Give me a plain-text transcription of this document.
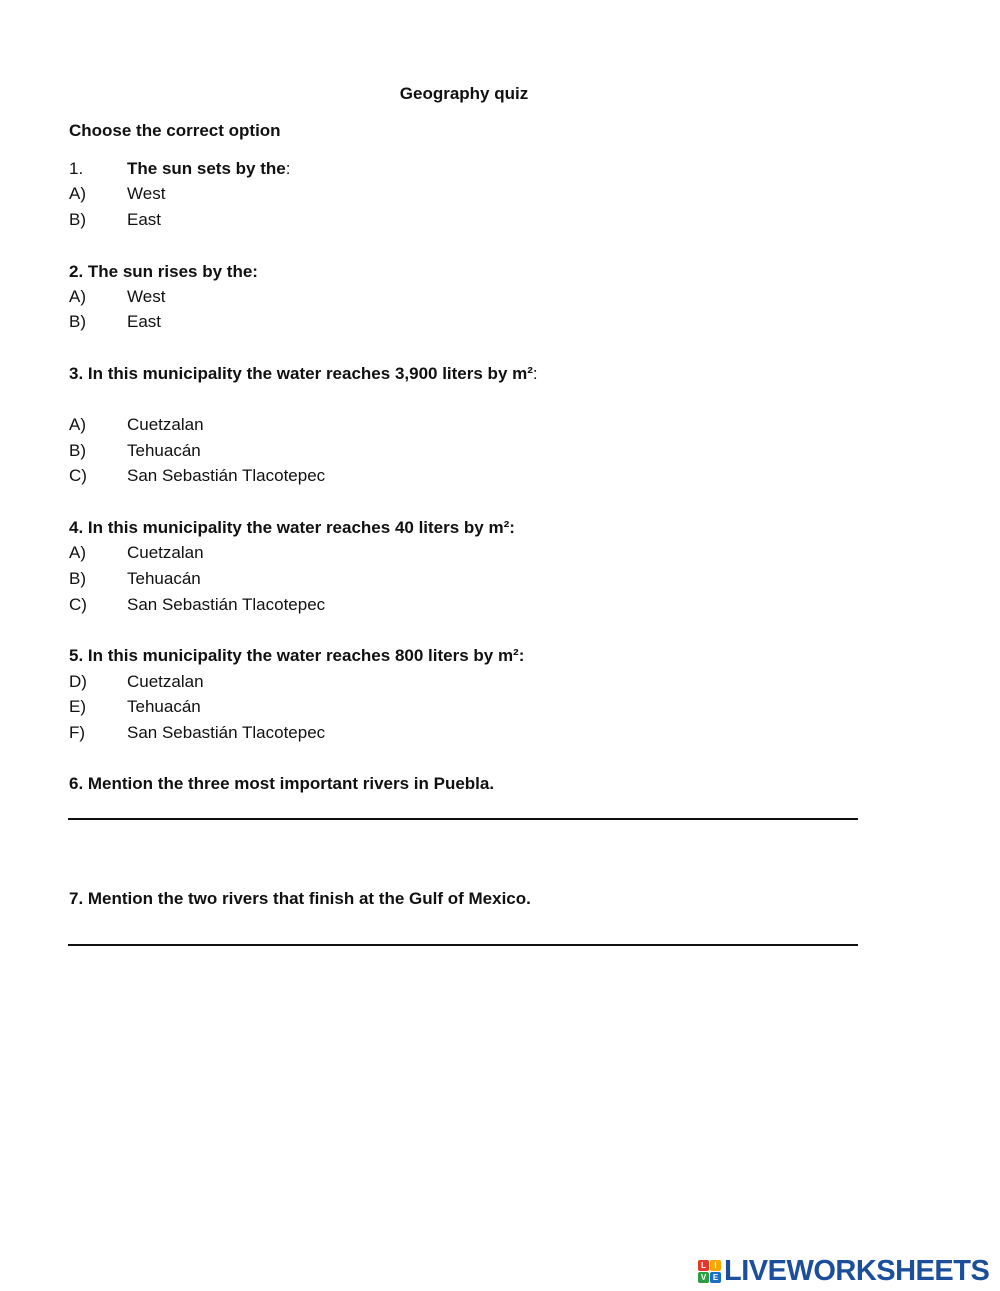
Geography quiz
Choose the correct option
1.	The sun sets by the:
A) West
B) East
2. The sun rises by the:
A) West
B) East
3. In this municipality the water reaches 3,900 liters by m²:
A) Cuetzalan
B) Tehuacán
C) San Sebastián Tlacotepec
4. In this municipality the water reaches 40 liters by m²:
A) Cuetzalan
B) Tehuacán
C) San Sebastián Tlacotepec
5. In this municipality the water reaches 800 liters by m²:
D) Cuetzalan
E) Tehuacán
F) San Sebastián Tlacotepec
6. Mention the three most important rivers in Puebla.
7. Mention the two rivers that finish at the Gulf of Mexico.
L	I
V E LIVEWORKSHEETS
